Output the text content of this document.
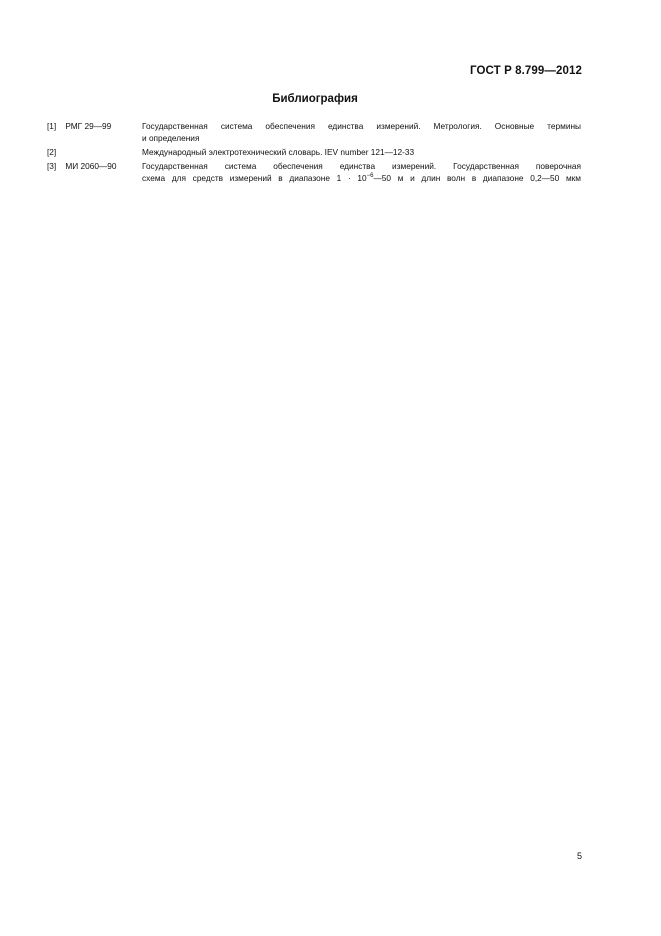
ГОСТ Р 8.799—2012
Библиография
[1] РМГ 29—99	Государственная система обеспечения единства измерений. Метрология. Основные термины
и определения
[2]	Международный электротехнический словарь. IEV number 121—12-33
[3] МИ 2060—90	Государственная система обеспечения единства измерений. Государственная поверочная
схема для средств измерений в диапазоне $1 \cdot 10^{-6}—50$ м и длин волн в диапазоне 0,2—50 мкм
5
